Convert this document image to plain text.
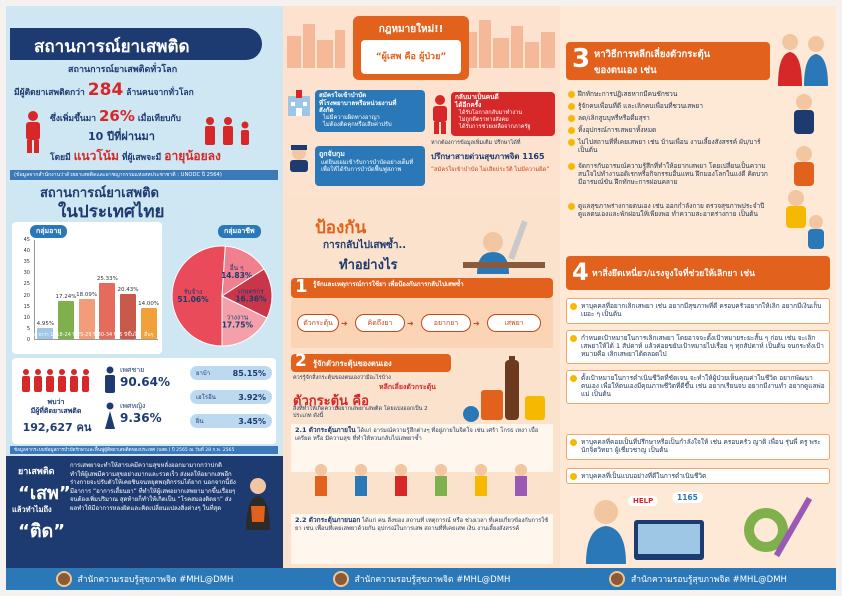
สถานการณ์ยาเสพติด
สถานการณ์ยาเสพติดทั่วโลก
มีผู้ติดยาเสพติดกว่า 284 ล้านคนจากทั่วโลก
ซึ่งเพิ่มขึ้นมา 26% เมื่อเทียบกับ
10 ปีที่ผ่านมา
โดยมี แนวโน้ม ที่ผู้เสพจะมี อายุน้อยลง
(ข้อมูลจากสำนักงานว่าด้วยยาเสพติดและอาชญากรรมแห่งสหประชาชาติ : UNODC ปี 2564)
สถานการณ์ยาเสพติด
ในประเทศไทย
กลุ่มอายุ
4.95%
ต่ำกว่า 17 ปี
17.24%
18-24 ปี
18.09%
25-29 ปี
25.33%
30-34 ปี
20.43%
35 ปีขึ้นไป
14.00%
อื่นๆ
0
5
10
15
20
25
30
35
40
45
กลุ่มอาชีพ
รับจ้าง
51.06%
อื่น ๆ
14.83%
เกษตรกร
16.36%
ว่างงาน
17.75%
พบว่า
มีผู้ที่ติดยาเสพติด
192,627 คน
เพศชาย
90.64%
เพศหญิง
9.36%
ยาบ้า	85.15%
เฮโรอีน	3.92%
ฝิ่น	3.45%
ข้อมูลจากระบบข้อมูลการบำบัดรักษาและฟื้นฟูผู้ติดยาเสพติดของประเทศ (บสต.) ปี 2565 ณ วันที่ 28 ก.พ. 2565
ยาเสพติด
“เสพ”
แล้วทำไมถึง
“ติด”
การเสพยาจะทำให้สารเคมีความสุขหลั่งออกมามากกว่าปกติ ทำให้ผู้เสพมีความสุขอย่างมากและรวดเร็ว ส่งผลให้อยากเสพอีก ร่างกายจะปรับตัวให้เคยชินจนหยุดพฤติกรรมได้ยาก นอกจากนี้ยังมีอาการ “อาการเสี้ยนยา” ที่ทำให้ผู้เสพอยากเสพยามากขึ้นเรื่อยๆ จนต้องเพิ่มปริมาณ สุดท้ายก็ทำให้เกิดเป็น “โรคสมองติดยา” ส่งผลทำให้มีอาการหลงผิดและคิดเปลี่ยนแปลงสิ่งต่างๆ ในที่สุด
สำนักความรอบรู้สุขภาพจิต #MHL@DMH
กฎหมายใหม่!!
“ผู้เสพ คือ ผู้ป่วย”
สมัครใจเข้าบำบัด
ที่โรงพยาบาลหรือหน่วยงานที่
สังกัด
ไม่มีความผิดทางอาญา
ไม่ต้องติดคุกหรือเสียค่าปรับ
ถูกจับกุม
แต่ยินยอมเข้ารับการบำบัดอย่างเต็มที่ เพื่อให้ได้รับการบำบัดฟื้นฟูสภาพ
กลับมาเป็นคนดี
ได้อีกครั้ง
ได้รับโอกาสกลับมาทำงาน
ไม่ถูกตีตราทางสังคม
ได้รับการช่วยเหลือจากภาครัฐ
หากต้องการข้อมูลเพิ่มเติม ปรึกษาได้ที่
ปรึกษาสายด่วนสุขภาพจิต 1165
“สมัครใจเข้าบำบัด ไม่เสียประวัติ ไม่มีความผิด”
ป้องกัน
การกลับไปเสพซ้ำ..
ทำอย่างไร
1 รู้จักและเหตุการณ์การใช้ยา เพื่อป้องกันการกลับไปเสพซ้ำ
ตัวกระตุ้น	➜	คิดถึงยา	➜	อยากยา	➜	เสพยา
2 รู้จักตัวกระตุ้นของตนเอง
ควรรู้จักสิ่งกระตุ้นของตนเองว่ามีอะไรบ้าง
หลีกเลี่ยงตัวกระตุ้น
ตัวกระตุ้น คือ
สิ่งที่ทำให้เกิดความอยากเสพยาเสพติด โดยแบ่งออกเป็น 2 ประเภท ดังนี้
2.1 ตัวกระตุ้นภายใน ได้แก่ อารมณ์ความรู้สึกต่างๆ ที่อยู่ภายในจิตใจ เช่น เศร้า โกรธ เหงา เบื่อ เครียด หรือ มีความสุข ที่ทำให้หวนกลับไปเสพยาซ้ำ
2.2 ตัวกระตุ้นภายนอก ได้แก่ คน สิ่งของ สถานที่ เหตุการณ์ หรือ ช่วงเวลา ที่เคยเกี่ยวข้องกับการใช้ยา เช่น เพื่อนที่เคยเสพยาด้วยกัน อุปกรณ์ในการเสพ สถานที่ที่เคยเสพ เงิน งานเลี้ยงสังสรรค์
สำนักความรอบรู้สุขภาพจิต #MHL@DMH
3 หาวิธีการหลีกเลี่ยงตัวกระตุ้น
ของตนเอง เช่น
ฝึกทักษะการปฏิเสธหากมีคนชักชวน
รู้จักคบเพื่อนที่ดี และเลิกคบเพื่อนที่ชวนเสพยา
ลด/เลิกสูบบุหรี่หรือดื่มสุรา
ทิ้งอุปกรณ์การเสพยาทั้งหมด
ไม่ไปสถานที่ที่เคยเสพยา เช่น บ้านเพื่อน งานเลี้ยงสังสรรค์ ผับ/บาร์ เป็นต้น
จัดการกับอารมณ์ความรู้สึกที่ทำให้อยากเสพยา โดยเปลี่ยนเป็นความสนใจไปทำงานอดิเรกหรือกิจกรรมอื่นแทน ฝึกมองโลกในแง่ดี คิดบวก มีอารมณ์ขัน ฝึกทักษะการผ่อนคลาย
ดูแลสุขภาพร่างกายตนเอง เช่น ออกกำลังกาย ตรวจสุขภาพประจำปี ดูแลตนเองและพักผ่อนให้เพียงพอ ทำความสะอาดร่างกาย เป็นต้น
4 หาสิ่งยึดเหนี่ยว/แรงจูงใจที่ช่วยให้เลิกยา เช่น
หาบุคคลที่อยากเลิกเสพยา เช่น อยากมีสุขภาพที่ดี ครอบครัวอยากให้เลิก อยากมีเงินเก็บเยอะ ๆ เป็นต้น
กำหนดเป้าหมายในการเลิกเสพยา โดยอาจจะตั้งเป้าหมายระยะสั้น ๆ ก่อน เช่น จะเลิกเสพยาให้ได้ 1 สัปดาห์ แล้วค่อยขยับเป้าหมายไปเรื่อย ๆ ทุกสัปดาห์ เป็นต้น จนกระทั่งเป้าหมายคือ เลิกเสพยาได้ตลอดไป
ตั้งเป้าหมายในการดำเนินชีวิตที่ชัดเจน จะทำให้ผู้ป่วยเห็นคุณค่าในชีวิต อยากพัฒนาตนเอง เพื่อให้ตนเองมีคุณภาพชีวิตที่ดีขึ้น เช่น อยากเรียนจบ อยากมีงานทำ อยากดูแลพ่อแม่ เป็นต้น
หาบุคคลที่คอยเป็นที่ปรึกษาหรือเป็นกำลังใจให้ เช่น ครอบครัว ญาติ เพื่อน รุ่นพี่ ครู พระ นักจิตวิทยา ผู้เชี่ยวชาญ เป็นต้น
หาบุคคลที่เป็นแบบอย่างที่ดีในการดำเนินชีวิต
HELP	1165
สำนักความรอบรู้สุขภาพจิต #MHL@DMH
